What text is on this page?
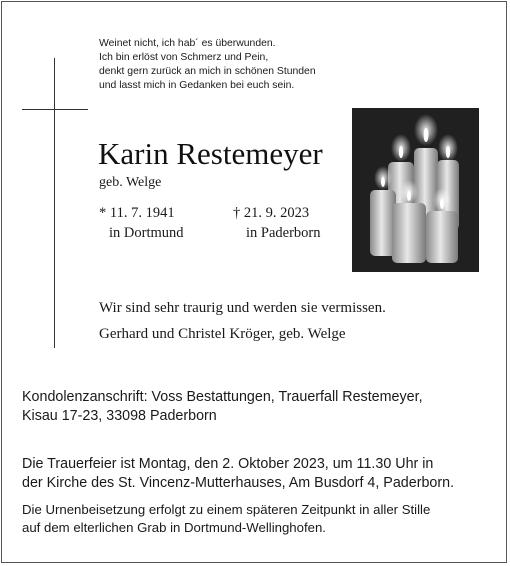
Weinet nicht, ich hab´ es überwunden.
Ich bin erlöst von Schmerz und Pein,
denkt gern zurück an mich in schönen Stunden
und lasst mich in Gedanken bei euch sein.
Karin Restemeyer
geb. Welge
* 11. 7. 1941
in Dortmund
† 21. 9. 2023
in Paderborn
Wir sind sehr traurig und werden sie vermissen.
Gerhard und Christel Kröger, geb. Welge
Kondolenzanschrift: Voss Bestattungen, Trauerfall Restemeyer,
Kisau 17-23, 33098 Paderborn
Die Trauerfeier ist Montag, den 2. Oktober 2023, um 11.30 Uhr in
der Kirche des St. Vincenz-Mutterhauses, Am Busdorf 4, Paderborn.
Die Urnenbeisetzung erfolgt zu einem späteren Zeitpunkt in aller Stille
auf dem elterlichen Grab in Dortmund-Wellinghofen.
